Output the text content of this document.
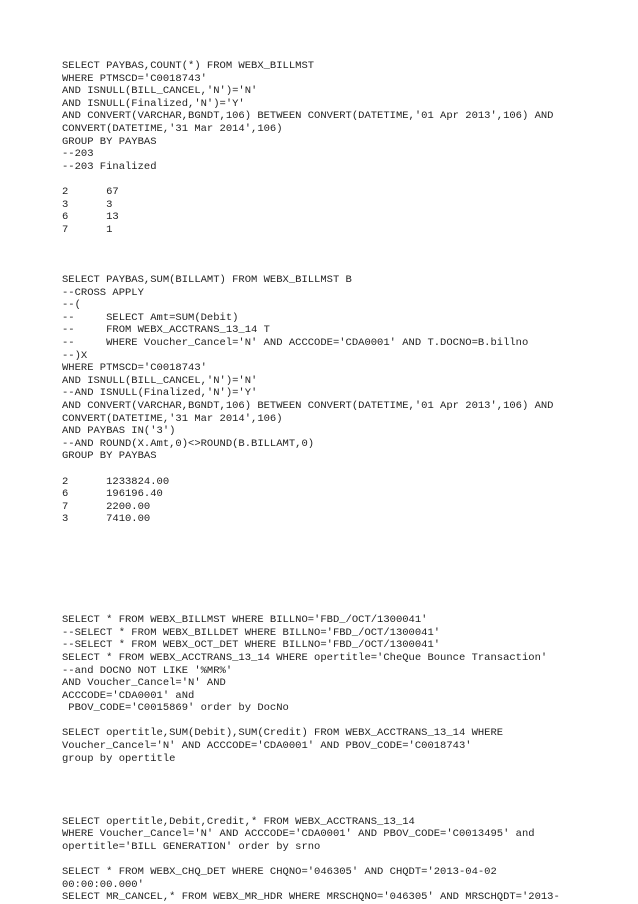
SELECT PAYBAS,COUNT(*) FROM WEBX_BILLMST
WHERE PTMSCD='C0018743'
AND ISNULL(BILL_CANCEL,'N')='N'
AND ISNULL(Finalized,'N')='Y'
AND CONVERT(VARCHAR,BGNDT,106) BETWEEN CONVERT(DATETIME,'01 Apr 2013',106) AND
CONVERT(DATETIME,'31 Mar 2014',106)
GROUP BY PAYBAS
--203
--203 Finalized
2      67
3      3
6      13
7      1
SELECT PAYBAS,SUM(BILLAMT) FROM WEBX_BILLMST B
--CROSS APPLY
--(
--     SELECT Amt=SUM(Debit)
--     FROM WEBX_ACCTRANS_13_14 T
--     WHERE Voucher_Cancel='N' AND ACCCODE='CDA0001' AND T.DOCNO=B.billno
--)X
WHERE PTMSCD='C0018743'
AND ISNULL(BILL_CANCEL,'N')='N'
--AND ISNULL(Finalized,'N')='Y'
AND CONVERT(VARCHAR,BGNDT,106) BETWEEN CONVERT(DATETIME,'01 Apr 2013',106) AND
CONVERT(DATETIME,'31 Mar 2014',106)
AND PAYBAS IN('3')
--AND ROUND(X.Amt,0)<>ROUND(B.BILLAMT,0)
GROUP BY PAYBAS
2      1233824.00
6      196196.40
7      2200.00
3      7410.00
SELECT * FROM WEBX_BILLMST WHERE BILLNO='FBD_/OCT/1300041'
--SELECT * FROM WEBX_BILLDET WHERE BILLNO='FBD_/OCT/1300041'
--SELECT * FROM WEBX_OCT_DET WHERE BILLNO='FBD_/OCT/1300041'
SELECT * FROM WEBX_ACCTRANS_13_14 WHERE opertitle='CheQue Bounce Transaction'
--and DOCNO NOT LIKE '%MR%'
AND Voucher_Cancel='N' AND
ACCCODE='CDA0001' aNd
PBOV_CODE='C0015869' order by DocNo
SELECT opertitle,SUM(Debit),SUM(Credit) FROM WEBX_ACCTRANS_13_14 WHERE
Voucher_Cancel='N' AND ACCCODE='CDA0001' AND PBOV_CODE='C0018743'
group by opertitle
SELECT opertitle,Debit,Credit,* FROM WEBX_ACCTRANS_13_14
WHERE Voucher_Cancel='N' AND ACCCODE='CDA0001' AND PBOV_CODE='C0013495' and
opertitle='BILL GENERATION' order by srno
SELECT * FROM WEBX_CHQ_DET WHERE CHQNO='046305' AND CHQDT='2013-04-02
00:00:00.000'
SELECT MR_CANCEL,* FROM WEBX_MR_HDR WHERE MRSCHQNO='046305' AND MRSCHQDT='2013-
